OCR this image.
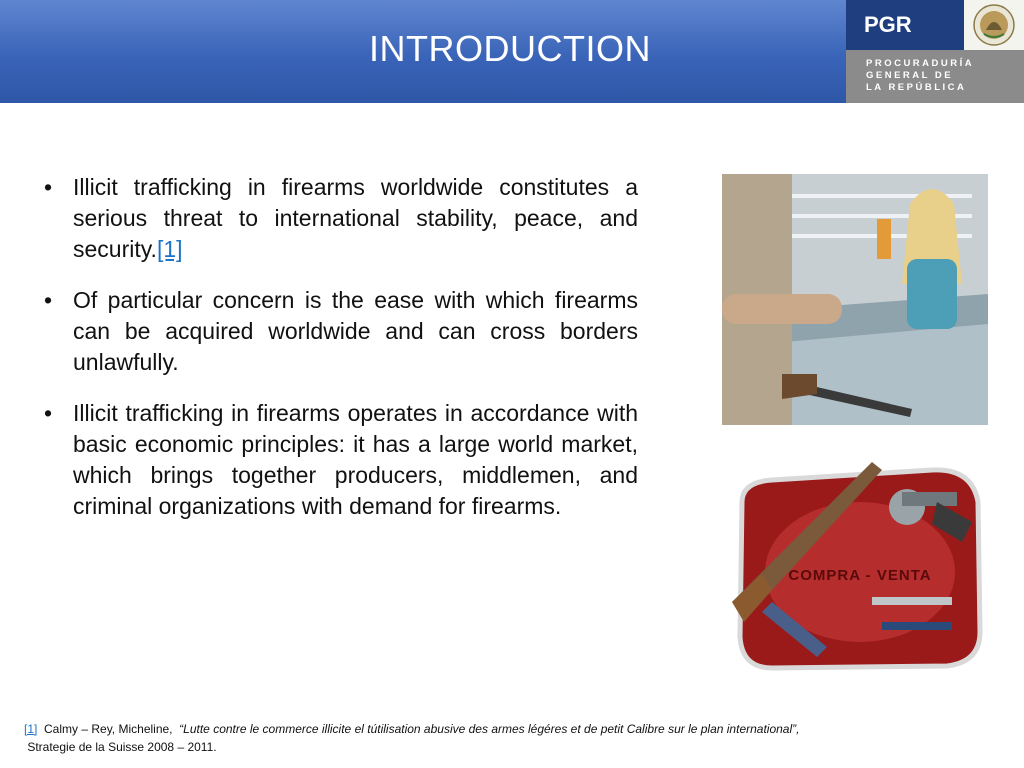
INTRODUCTION
PGR
PROCURADURÍA
GENERAL DE
LA REPÚBLICA
• Illicit trafficking in firearms worldwide constitutes a serious threat to international stability, peace, and security.[1]
• Of particular concern is the ease with which firearms can be acquired worldwide and can cross borders unlawfully.
• Illicit trafficking in firearms operates in accordance with basic economic principles: it has a large world market, which brings together producers, middlemen, and criminal organizations with demand for firearms.
COMPRA - VENTA
[1] Calmy – Rey, Micheline, “Lutte contre le commerce illicite el tútilisation abusive des armes légéres et de petit Calibre sur le plan international”,
Strategie de la Suisse 2008 – 2011.
